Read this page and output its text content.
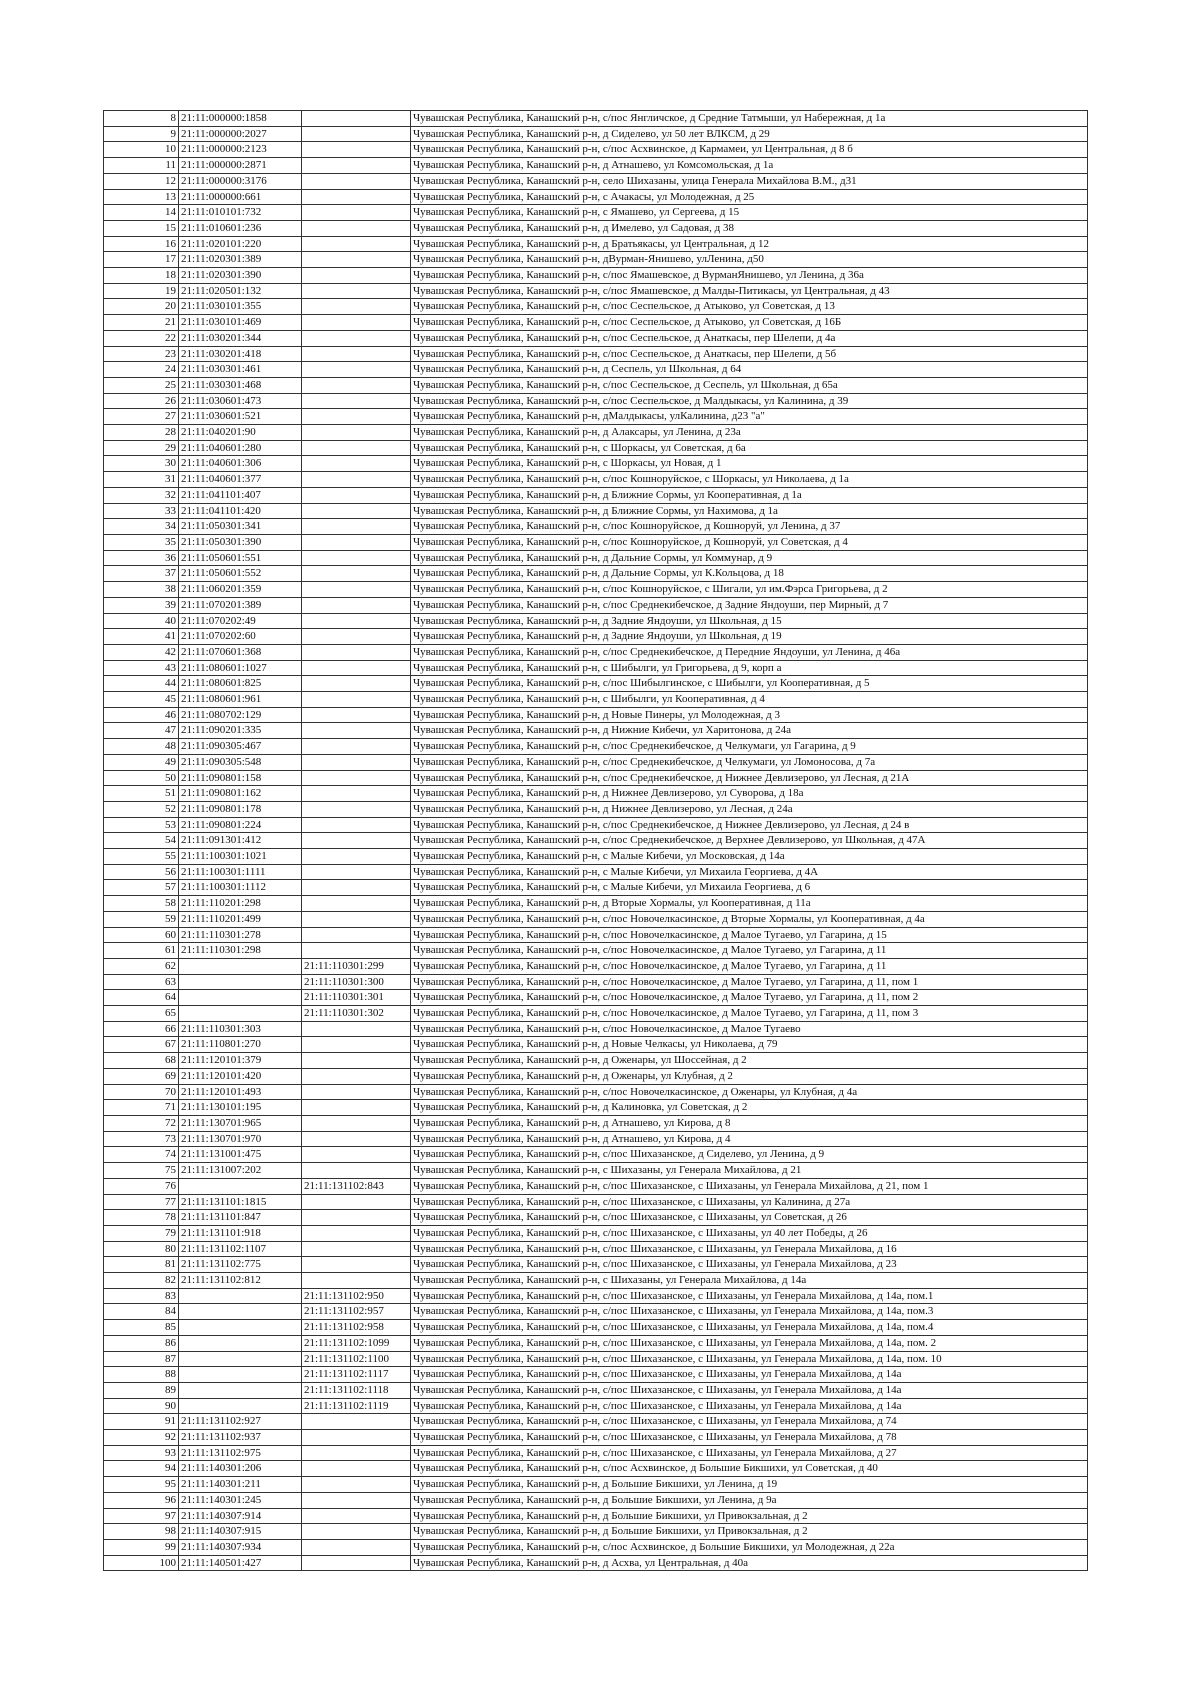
8	21:11:000000:1858		Чувашская Республика, Канашский р-н, с/пос Янгличское, д Средние Татмыши, ул Набережная, д 1а
9	21:11:000000:2027		Чувашская Республика, Канашский р-н, д Сиделево, ул 50 лет ВЛКСМ, д 29
10	21:11:000000:2123		Чувашская Республика, Канашский р-н, с/пос Асхвинское, д Кармамеи, ул Центральная, д 8 б
11	21:11:000000:2871		Чувашская Республика, Канашский р-н, д Атнашево, ул Комсомольская, д 1а
12	21:11:000000:3176		Чувашская Республика, Канашский р-н, село Шихазаны, улица Генерала Михайлова В.М., д31
13	21:11:000000:661		Чувашская Республика, Канашский р-н, с Ачакасы, ул Молодежная, д 25
14	21:11:010101:732		Чувашская Республика, Канашский р-н, с Ямашево, ул Сергеева, д 15
15	21:11:010601:236		Чувашская Республика, Канашский р-н, д Имелево, ул Садовая, д 38
16	21:11:020101:220		Чувашская Республика, Канашский р-н, д Братьякасы, ул Центральная, д 12
17	21:11:020301:389		Чувашская Республика, Канашский р-н, дВурман-Янишево, улЛенина, д50
18	21:11:020301:390		Чувашская Республика, Канашский р-н, с/пос Ямашевское, д ВурманЯнишево, ул Ленина, д 36а
19	21:11:020501:132		Чувашская Республика, Канашский р-н, с/пос Ямашевское, д Малды-Питикасы, ул Центральная, д 43
20	21:11:030101:355		Чувашская Республика, Канашский р-н, с/пос Сеспельское, д Атыково, ул Советская, д 13
21	21:11:030101:469		Чувашская Республика, Канашский р-н, с/пос Сеспельское, д Атыково, ул Советская, д 16Б
22	21:11:030201:344		Чувашская Республика, Канашский р-н, с/пос Сеспельское, д Анаткасы, пер Шелепи, д 4а
23	21:11:030201:418		Чувашская Республика, Канашский р-н, с/пос Сеспельское, д Анаткасы, пер Шелепи, д 5б
24	21:11:030301:461		Чувашская Республика, Канашский р-н, д Сеспель, ул Школьная, д 64
25	21:11:030301:468		Чувашская Республика, Канашский р-н, с/пос Сеспельское, д Сеспель, ул Школьная, д 65а
26	21:11:030601:473		Чувашская Республика, Канашский р-н, с/пос Сеспельское, д Малдыкасы, ул Калинина, д 39
27	21:11:030601:521		Чувашская Республика, Канашский р-н, дМалдыкасы, улКалинина, д23 "а"
28	21:11:040201:90		Чувашская Республика, Канашский р-н, д Алаксары, ул Ленина, д 23а
29	21:11:040601:280		Чувашская Республика, Канашский р-н, с Шоркасы, ул Советская, д 6а
30	21:11:040601:306		Чувашская Республика, Канашский р-н, с Шоркасы, ул Новая, д 1
31	21:11:040601:377		Чувашская Республика, Канашский р-н, с/пос Кошноруйское, с Шоркасы, ул Николаева, д 1а
32	21:11:041101:407		Чувашская Республика, Канашский р-н, д Ближние Сормы, ул Кооперативная, д 1а
33	21:11:041101:420		Чувашская Республика, Канашский р-н, д Ближние Сормы, ул Нахимова, д 1а
34	21:11:050301:341		Чувашская Республика, Канашский р-н, с/пос Кошноруйское, д Кошноруй, ул Ленина, д 37
35	21:11:050301:390		Чувашская Республика, Канашский р-н, с/пос Кошноруйское, д Кошноруй, ул Советская, д 4
36	21:11:050601:551		Чувашская Республика, Канашский р-н, д Дальние Сормы, ул Коммунар, д 9
37	21:11:050601:552		Чувашская Республика, Канашский р-н, д Дальние Сормы, ул К.Кольцова, д 18
38	21:11:060201:359		Чувашская Республика, Канашский р-н, с/пос Кошноруйское, с Шигали, ул им.Фэрса Григорьева, д 2
39	21:11:070201:389		Чувашская Республика, Канашский р-н, с/пос Среднекибечское, д Задние Яндоуши, пер Мирный, д 7
40	21:11:070202:49		Чувашская Республика, Канашский р-н, д Задние Яндоуши, ул Школьная, д 15
41	21:11:070202:60		Чувашская Республика, Канашский р-н, д Задние Яндоуши, ул Школьная, д 19
42	21:11:070601:368		Чувашская Республика, Канашский р-н, с/пос Среднекибечское, д Передние Яндоуши, ул Ленина, д 46а
43	21:11:080601:1027		Чувашская Республика, Канашский р-н, с Шибылги, ул Григорьева, д 9, корп а
44	21:11:080601:825		Чувашская Республика, Канашский р-н, с/пос Шибылгинское, с Шибылги, ул Кооперативная, д 5
45	21:11:080601:961		Чувашская Республика, Канашский р-н, с Шибылги, ул Кооперативная, д 4
46	21:11:080702:129		Чувашская Республика, Канашский р-н, д Новые Пинеры, ул Молодежная, д 3
47	21:11:090201:335		Чувашская Республика, Канашский р-н, д Нижние Кибечи, ул Харитонова, д 24а
48	21:11:090305:467		Чувашская Республика, Канашский р-н, с/пос Среднекибечское, д Челкумаги, ул Гагарина, д 9
49	21:11:090305:548		Чувашская Республика, Канашский р-н, с/пос Среднекибечское, д Челкумаги, ул Ломоносова, д 7а
50	21:11:090801:158		Чувашская Республика, Канашский р-н, с/пос Среднекибечское, д Нижнее Девлизерово, ул Лесная, д 21А
51	21:11:090801:162		Чувашская Республика, Канашский р-н, д Нижнее Девлизерово, ул Суворова, д 18а
52	21:11:090801:178		Чувашская Республика, Канашский р-н, д Нижнее Девлизерово, ул Лесная, д 24а
53	21:11:090801:224		Чувашская Республика, Канашский р-н, с/пос Среднекибечское, д Нижнее Девлизерово, ул Лесная, д 24 в
54	21:11:091301:412		Чувашская Республика, Канашский р-н, с/пос Среднекибечское, д Верхнее Девлизерово, ул Школьная, д 47А
55	21:11:100301:1021		Чувашская Республика, Канашский р-н, с Малые Кибечи, ул Московская, д 14а
56	21:11:100301:1111		Чувашская Республика, Канашский р-н, с Малые Кибечи, ул Михаила Георгиева, д 4А
57	21:11:100301:1112		Чувашская Республика, Канашский р-н, с Малые Кибечи, ул Михаила Георгиева, д 6
58	21:11:110201:298		Чувашская Республика, Канашский р-н, д Вторые Хормалы, ул Кооперативная, д 11а
59	21:11:110201:499		Чувашская Республика, Канашский р-н, с/пос Новочелкасинское, д Вторые Хормалы, ул Кооперативная, д 4а
60	21:11:110301:278		Чувашская Республика, Канашский р-н, с/пос Новочелкасинское, д Малое Тугаево, ул Гагарина, д 15
61	21:11:110301:298		Чувашская Республика, Канашский р-н, с/пос Новочелкасинское, д Малое Тугаево, ул Гагарина, д 11
62		21:11:110301:299	Чувашская Республика, Канашский р-н, с/пос Новочелкасинское, д Малое Тугаево, ул Гагарина, д 11
63		21:11:110301:300	Чувашская Республика, Канашский р-н, с/пос Новочелкасинское, д Малое Тугаево, ул Гагарина, д 11, пом 1
64		21:11:110301:301	Чувашская Республика, Канашский р-н, с/пос Новочелкасинское, д Малое Тугаево, ул Гагарина, д 11, пом 2
65		21:11:110301:302	Чувашская Республика, Канашский р-н, с/пос Новочелкасинское, д Малое Тугаево, ул Гагарина, д 11, пом 3
66	21:11:110301:303		Чувашская Республика, Канашский р-н, с/пос Новочелкасинское, д Малое Тугаево
67	21:11:110801:270		Чувашская Республика, Канашский р-н, д Новые Челкасы, ул Николаева, д 79
68	21:11:120101:379		Чувашская Республика, Канашский р-н, д Оженары, ул Шоссейная, д 2
69	21:11:120101:420		Чувашская Республика, Канашский р-н, д Оженары, ул Клубная, д 2
70	21:11:120101:493		Чувашская Республика, Канашский р-н, с/пос Новочелкасинское, д Оженары, ул Клубная, д 4а
71	21:11:130101:195		Чувашская Республика, Канашский р-н, д Калиновка, ул Советская, д 2
72	21:11:130701:965		Чувашская Республика, Канашский р-н, д Атнашево, ул Кирова, д 8
73	21:11:130701:970		Чувашская Республика, Канашский р-н, д Атнашево, ул Кирова, д 4
74	21:11:131001:475		Чувашская Республика, Канашский р-н, с/пос Шихазанское, д Сиделево, ул Ленина, д 9
75	21:11:131007:202		Чувашская Республика, Канашский р-н, с Шихазаны, ул Генерала Михайлова, д 21
76		21:11:131102:843	Чувашская Республика, Канашский р-н, с/пос Шихазанское, с Шихазаны, ул Генерала Михайлова, д 21, пом 1
77	21:11:131101:1815		Чувашская Республика, Канашский р-н, с/пос Шихазанское, с Шихазаны, ул Калинина, д 27а
78	21:11:131101:847		Чувашская Республика, Канашский р-н, с/пос Шихазанское, с Шихазаны, ул Советская, д 26
79	21:11:131101:918		Чувашская Республика, Канашский р-н, с/пос Шихазанское, с Шихазаны, ул 40 лет Победы, д 26
80	21:11:131102:1107		Чувашская Республика, Канашский р-н, с/пос Шихазанское, с Шихазаны, ул Генерала Михайлова, д 16
81	21:11:131102:775		Чувашская Республика, Канашский р-н, с/пос Шихазанское, с Шихазаны, ул Генерала Михайлова, д 23
82	21:11:131102:812		Чувашская Республика, Канашский р-н, с Шихазаны, ул Генерала Михайлова, д 14а
83		21:11:131102:950	Чувашская Республика, Канашский р-н, с/пос Шихазанское, с Шихазаны, ул Генерала Михайлова, д 14а, пом.1
84		21:11:131102:957	Чувашская Республика, Канашский р-н, с/пос Шихазанское, с Шихазаны, ул Генерала Михайлова, д 14а, пом.3
85		21:11:131102:958	Чувашская Республика, Канашский р-н, с/пос Шихазанское, с Шихазаны, ул Генерала Михайлова, д 14а, пом.4
86		21:11:131102:1099	Чувашская Республика, Канашский р-н, с/пос Шихазанское, с Шихазаны, ул Генерала Михайлова, д 14а, пом. 2
87		21:11:131102:1100	Чувашская Республика, Канашский р-н, с/пос Шихазанское, с Шихазаны, ул Генерала Михайлова, д 14а, пом. 10
88		21:11:131102:1117	Чувашская Республика, Канашский р-н, с/пос Шихазанское, с Шихазаны, ул Генерала Михайлова, д 14а
89		21:11:131102:1118	Чувашская Республика, Канашский р-н, с/пос Шихазанское, с Шихазаны, ул Генерала Михайлова, д 14а
90		21:11:131102:1119	Чувашская Республика, Канашский р-н, с/пос Шихазанское, с Шихазаны, ул Генерала Михайлова, д 14а
91	21:11:131102:927		Чувашская Республика, Канашский р-н, с/пос Шихазанское, с Шихазаны, ул Генерала Михайлова, д 74
92	21:11:131102:937		Чувашская Республика, Канашский р-н, с/пос Шихазанское, с Шихазаны, ул Генерала Михайлова, д 78
93	21:11:131102:975		Чувашская Республика, Канашский р-н, с/пос Шихазанское, с Шихазаны, ул Генерала Михайлова, д 27
94	21:11:140301:206		Чувашская Республика, Канашский р-н, с/пос Асхвинское, д Большие Бикшихи, ул Советская, д 40
95	21:11:140301:211		Чувашская Республика, Канашский р-н, д Большие Бикшихи, ул Ленина, д 19
96	21:11:140301:245		Чувашская Республика, Канашский р-н, д Большие Бикшихи, ул Ленина, д 9а
97	21:11:140307:914		Чувашская Республика, Канашский р-н, д Большие Бикшихи, ул Привокзальная, д 2
98	21:11:140307:915		Чувашская Республика, Канашский р-н, д Большие Бикшихи, ул Привокзальная, д 2
99	21:11:140307:934		Чувашская Республика, Канашский р-н, с/пос Асхвинское, д Большие Бикшихи, ул Молодежная, д 22а
100	21:11:140501:427		Чувашская Республика, Канашский р-н, д Асхва, ул Центральная, д 40а
